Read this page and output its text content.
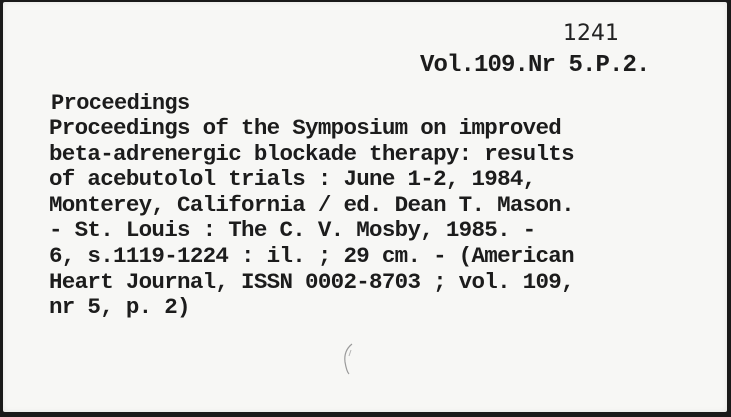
1241
Vol.109.Nr 5.P.2.
Proceedings
Proceedings of the Symposium on improved
beta-adrenergic blockade therapy: results
of acebutolol trials : June 1-2, 1984,
Monterey, California / ed. Dean T. Mason.
- St. Louis : The C. V. Mosby, 1985. -
6, s.1119-1224 : il. ; 29 cm. - (American
Heart Journal, ISSN 0002-8703 ; vol. 109,
nr 5, p. 2)
